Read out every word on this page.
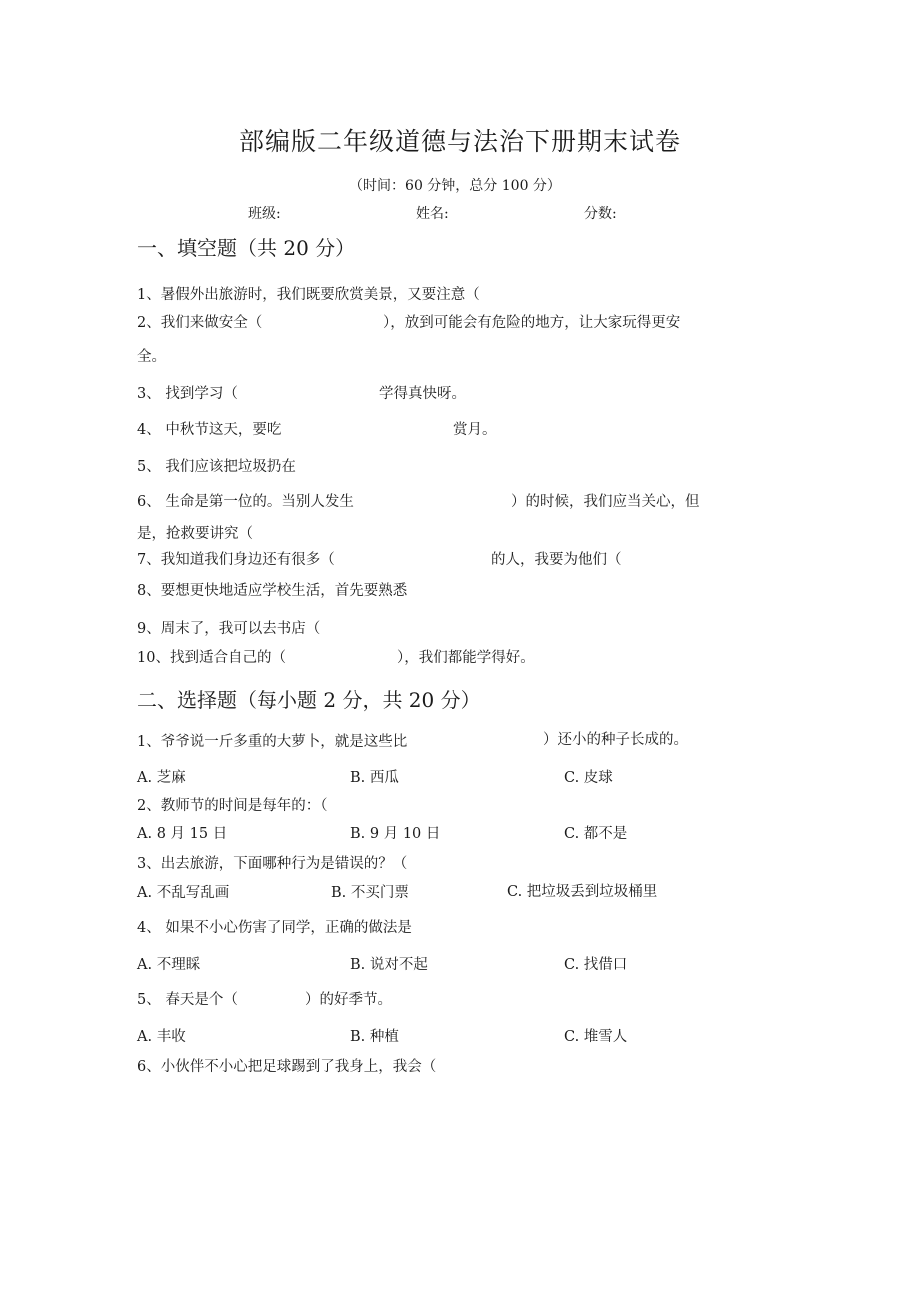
部编版二年级道德与法治下册期末试卷
（时间：60 分钟，总分 100 分）
班级:	姓名:	分数:
一、填空题（共 20 分）
1、暑假外出旅游时，我们既要欣赏美景，又要注意（
2、我们来做安全（	），放到可能会有危险的地方，让大家玩得更安
全。
3、 找到学习（	学得真快呀。
4、 中秋节这天，要吃	赏月。
5、 我们应该把垃圾扔在
6、 生命是第一位的。当别人发生	）的时候，我们应当关心，但
是，抢救要讲究（
7、我知道我们身边还有很多（	的人，我要为他们（
8、要想更快地适应学校生活，首先要熟悉
9、周末了，我可以去书店（
10、找到适合自己的（	），我们都能学得好。
二、选择题（每小题 2 分，共 20 分）
1、爷爷说一斤多重的大萝卜，就是这些比	）还小的种子长成的。
A. 芝麻	B. 西瓜	C. 皮球
2、教师节的时间是每年的：（
A. 8 月 15 日	B. 9 月 10 日	C. 都不是
3、出去旅游，下面哪种行为是错误的？（
A. 不乱写乱画	B. 不买门票	C. 把垃圾丢到垃圾桶里
4、 如果不小心伤害了同学，正确的做法是
A. 不理睬	B. 说对不起	C. 找借口
5、 春天是个（	）的好季节。
A. 丰收	B. 种植	C. 堆雪人
6、小伙伴不小心把足球踢到了我身上，我会（
